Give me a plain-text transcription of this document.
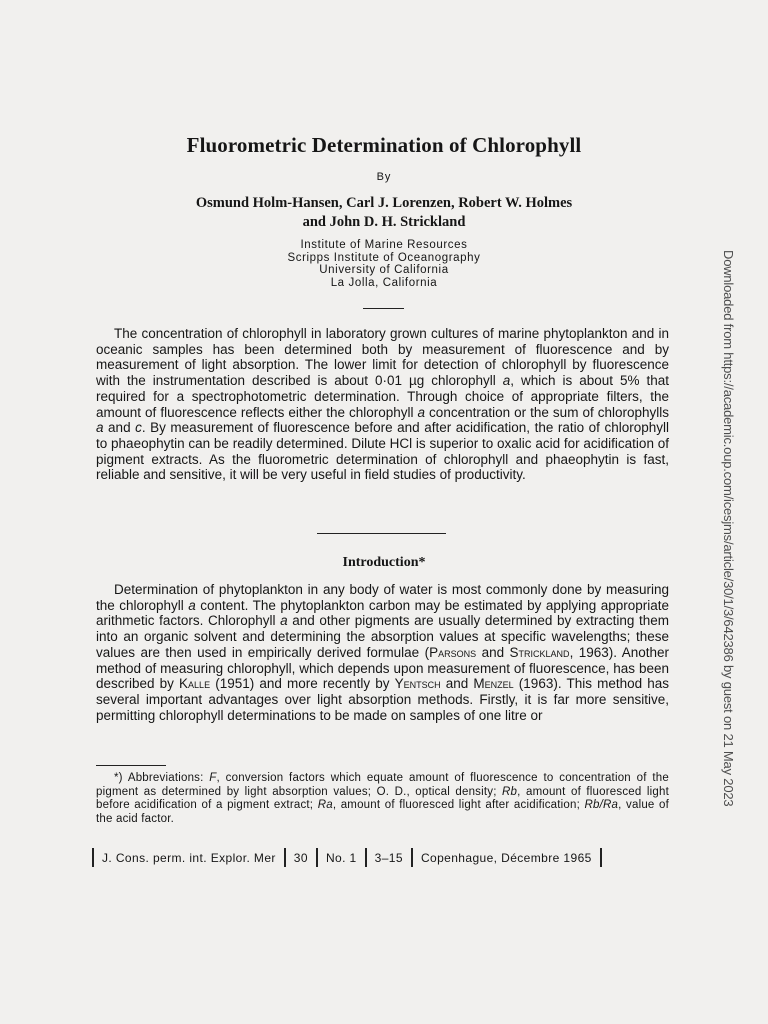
Fluorometric Determination of Chlorophyll
By
Osmund Holm-Hansen, Carl J. Lorenzen, Robert W. Holmes
and John D. H. Strickland
Institute of Marine Resources
Scripps Institute of Oceanography
University of California
La Jolla, California

The concentration of chlorophyll in laboratory grown cultures of marine phytoplankton and in oceanic samples has been determined both by measurement of fluorescence and by measurement of light absorption. The lower limit for detection of chlorophyll by fluorescence with the instrumentation described is about 0·01 µg chlorophyll a, which is about 5% that required for a spectrophotometric determination. Through choice of appropriate filters, the amount of fluorescence reflects either the chlorophyll a concentration or the sum of chlorophylls a and c. By measurement of fluorescence before and after acidification, the ratio of chlorophyll to phaeophytin can be readily determined. Dilute HCl is superior to oxalic acid for acidification of pigment extracts. As the fluorometric determination of chlorophyll and phaeophytin is fast, reliable and sensitive, it will be very useful in field studies of productivity.

Introduction*

Determination of phytoplankton in any body of water is most commonly done by measuring the chlorophyll a content. The phytoplankton carbon may be estimated by applying appropriate arithmetic factors. Chlorophyll a and other pigments are usually determined by extracting them into an organic solvent and determining the absorption values at specific wavelengths; these values are then used in empirically derived formulae (Parsons and Strickland, 1963). Another method of measuring chlorophyll, which depends upon measurement of fluorescence, has been described by Kalle (1951) and more recently by Yentsch and Menzel (1963). This method has several important advantages over light absorption methods. Firstly, it is far more sensitive, permitting chlorophyll determinations to be made on samples of one litre or

*) Abbreviations: F, conversion factors which equate amount of fluorescence to concentration of the pigment as determined by light absorption values; O. D., optical density; Rb, amount of fluoresced light before acidification of a pigment extract; Ra, amount of fluoresced light after acidification; Rb/Ra, value of the acid factor.

J. Cons. perm. int. Explor. Mer	30	No. 1	3–15	Copenhague, Décembre 1965
Downloaded from https://academic.oup.com/icesjms/article/30/1/3/642386 by guest on 21 May 2023
